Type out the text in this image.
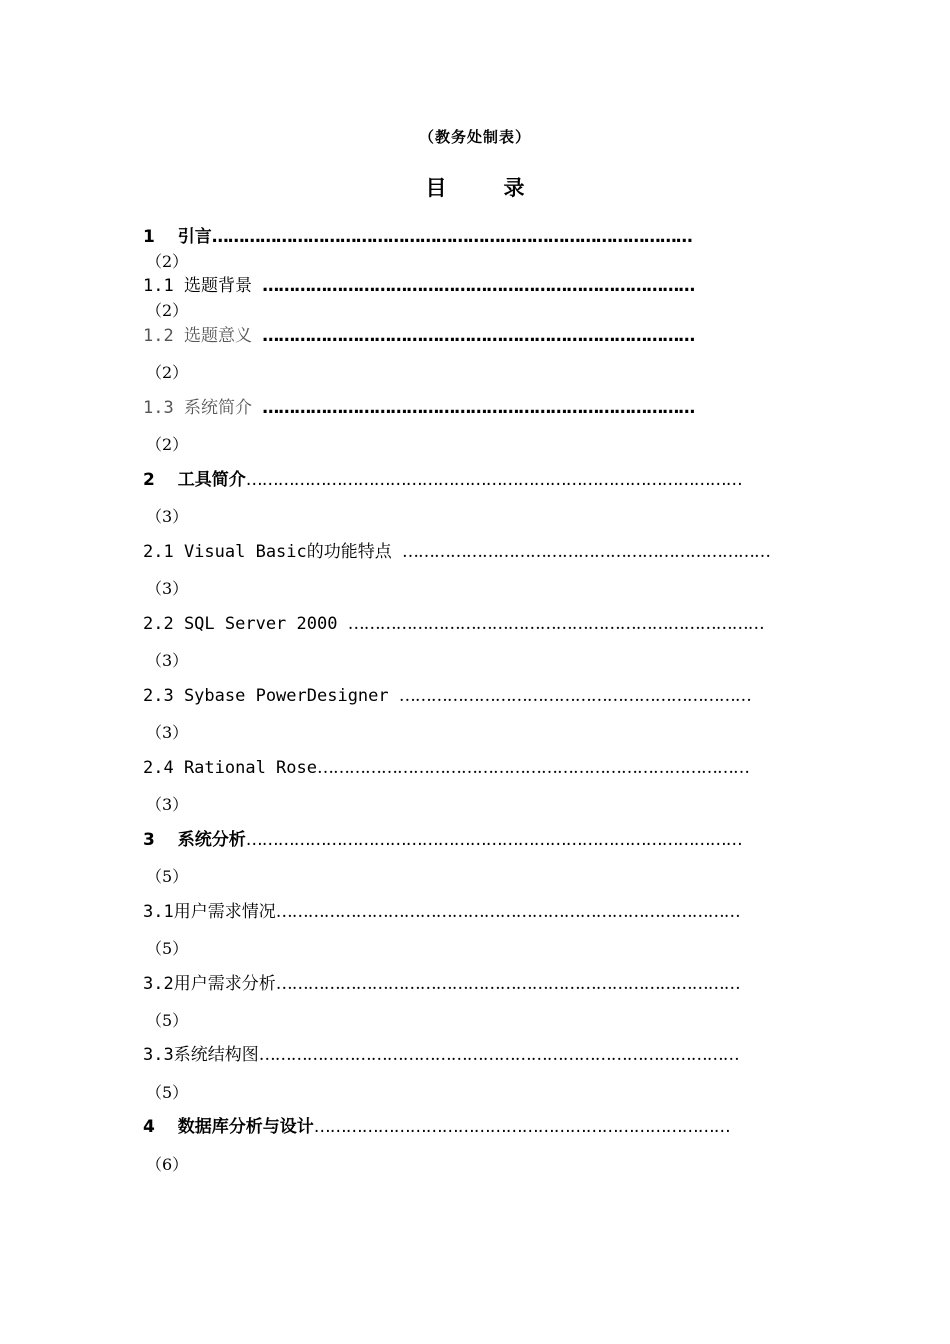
（教务处制表）
目　录
1　 引言………………………………………………………………………………
（2）
1.1 选题背景 ………………………………………………………………………
（2）
1.2 选题意义 ………………………………………………………………………
（2）
1.3 系统简介 ………………………………………………………………………
（2）
2　 工具简介…………………………………………………………………………………
（3）
2.1 Visual Basic的功能特点 ……………………………………………………………
（3）
2.2 SQL Server 2000 ……………………………………………………………………
（3）
2.3 Sybase PowerDesigner …………………………………………………………
（3）
2.4 Rational Rose………………………………………………………………………
（3）
3　 系统分析…………………………………………………………………………………
（5）
3.1用户需求情况……………………………………………………………………………
（5）
3.2用户需求分析……………………………………………………………………………
（5）
3.3系统结构图………………………………………………………………………………
（5）
4　 数据库分析与设计……………………………………………………………………
（6）
